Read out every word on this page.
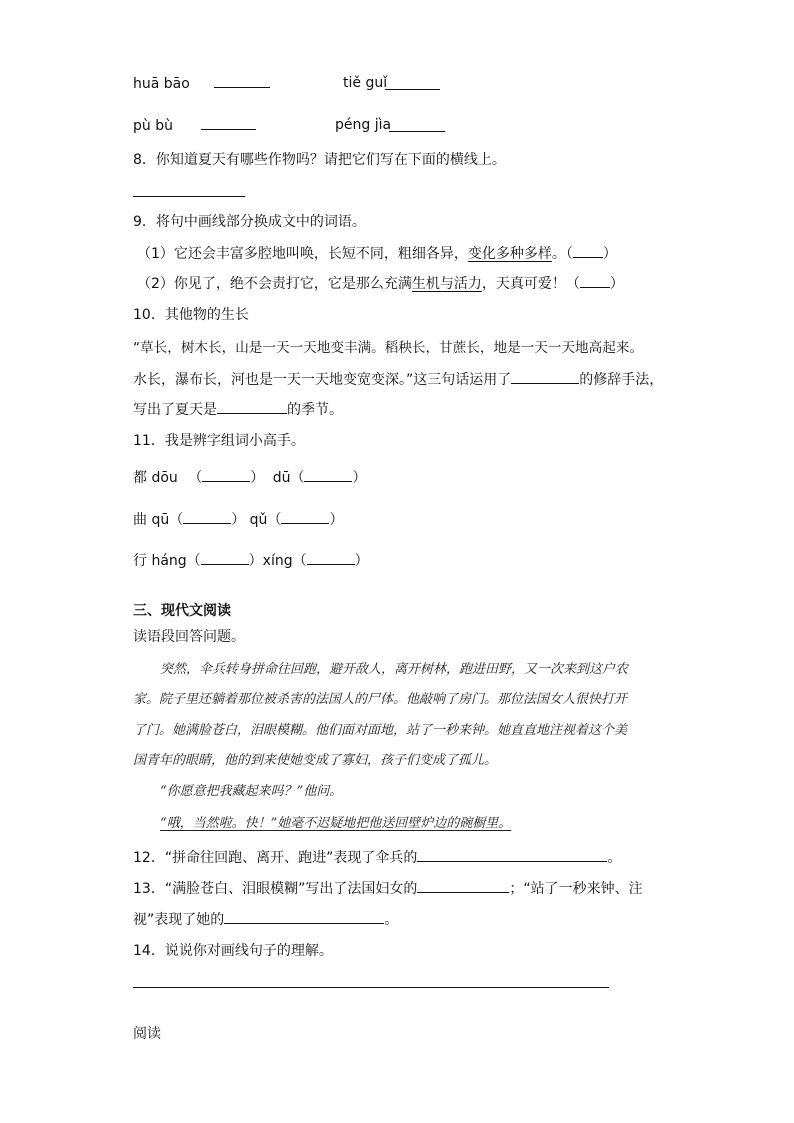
huā bāo	tiě guǐ
pù bù	péng jìa
8．你知道夏天有哪些作物吗？请把它们写在下面的横线上。
9．将句中画线部分换成文中的词语。
（1）它还会丰富多腔地叫唤，长短不同，粗细各异，变化多种多样。（ ）
（2）你见了，绝不会责打它，它是那么充满生机与活力，天真可爱！（ ）
10．其他物的生长
“草长，树木长，山是一天一天地变丰满。稻秧长，甘蔗长，地是一天一天地高起来。
水长，瀑布长，河也是一天一天地变宽变深。”这三句话运用了	的修辞手法，
写出了夏天是	的季节。
11．我是辨字组词小高手。
都 dōu （	） dū（	）
曲 qū（	） qǔ（	）
行 háng（	）xíng（	）
三、现代文阅读
读语段回答问题。
突然，伞兵转身拼命往回跑，避开敌人，离开树林，跑进田野，又一次来到这户农
家。院子里还躺着那位被杀害的法国人的尸体。他敲响了房门。那位法国女人很快打开
了门。她满脸苍白，泪眼模糊。他们面对面地，站了一秒来钟。她直直地注视着这个美
国青年的眼睛，他的到来使她变成了寡妇，孩子们变成了孤儿。
“你愿意把我藏起来吗？”他问。
“哦，当然啦。快！”她毫不迟疑地把他送回壁炉边的碗橱里。
12．“拼命往回跑、离开、跑进”表现了伞兵的	。
13．“满脸苍白、泪眼模糊”写出了法国妇女的	；“站了一秒来钟、注
视”表现了她的	。
14．说说你对画线句子的理解。
阅读
